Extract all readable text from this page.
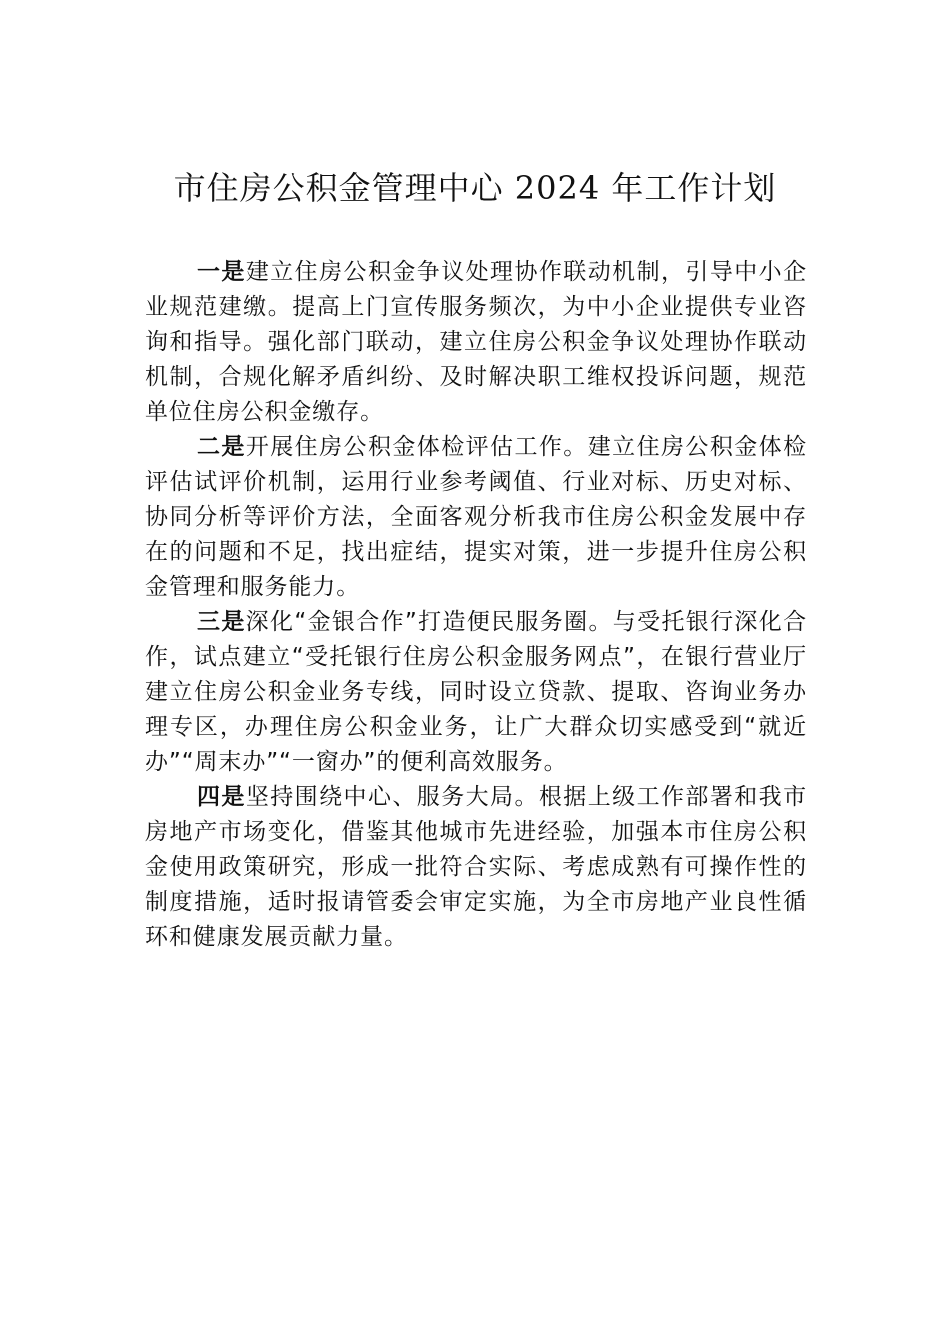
市住房公积金管理中心 2024 年工作计划

一是建立住房公积金争议处理协作联动机制，引导中小企业规范建缴。提高上门宣传服务频次，为中小企业提供专业咨询和指导。强化部门联动，建立住房公积金争议处理协作联动机制，合规化解矛盾纠纷、及时解决职工维权投诉问题，规范单位住房公积金缴存。

二是开展住房公积金体检评估工作。建立住房公积金体检评估试评价机制，运用行业参考阈值、行业对标、历史对标、协同分析等评价方法，全面客观分析我市住房公积金发展中存在的问题和不足，找出症结，提实对策，进一步提升住房公积金管理和服务能力。

三是深化“金银合作”打造便民服务圈。与受托银行深化合作，试点建立“受托银行住房公积金服务网点”，在银行营业厅建立住房公积金业务专线，同时设立贷款、提取、咨询业务办理专区，办理住房公积金业务，让广大群众切实感受到“就近办”“周末办”“一窗办”的便利高效服务。

四是坚持围绕中心、服务大局。根据上级工作部署和我市房地产市场变化，借鉴其他城市先进经验，加强本市住房公积金使用政策研究，形成一批符合实际、考虑成熟有可操作性的制度措施，适时报请管委会审定实施，为全市房地产业良性循环和健康发展贡献力量。
